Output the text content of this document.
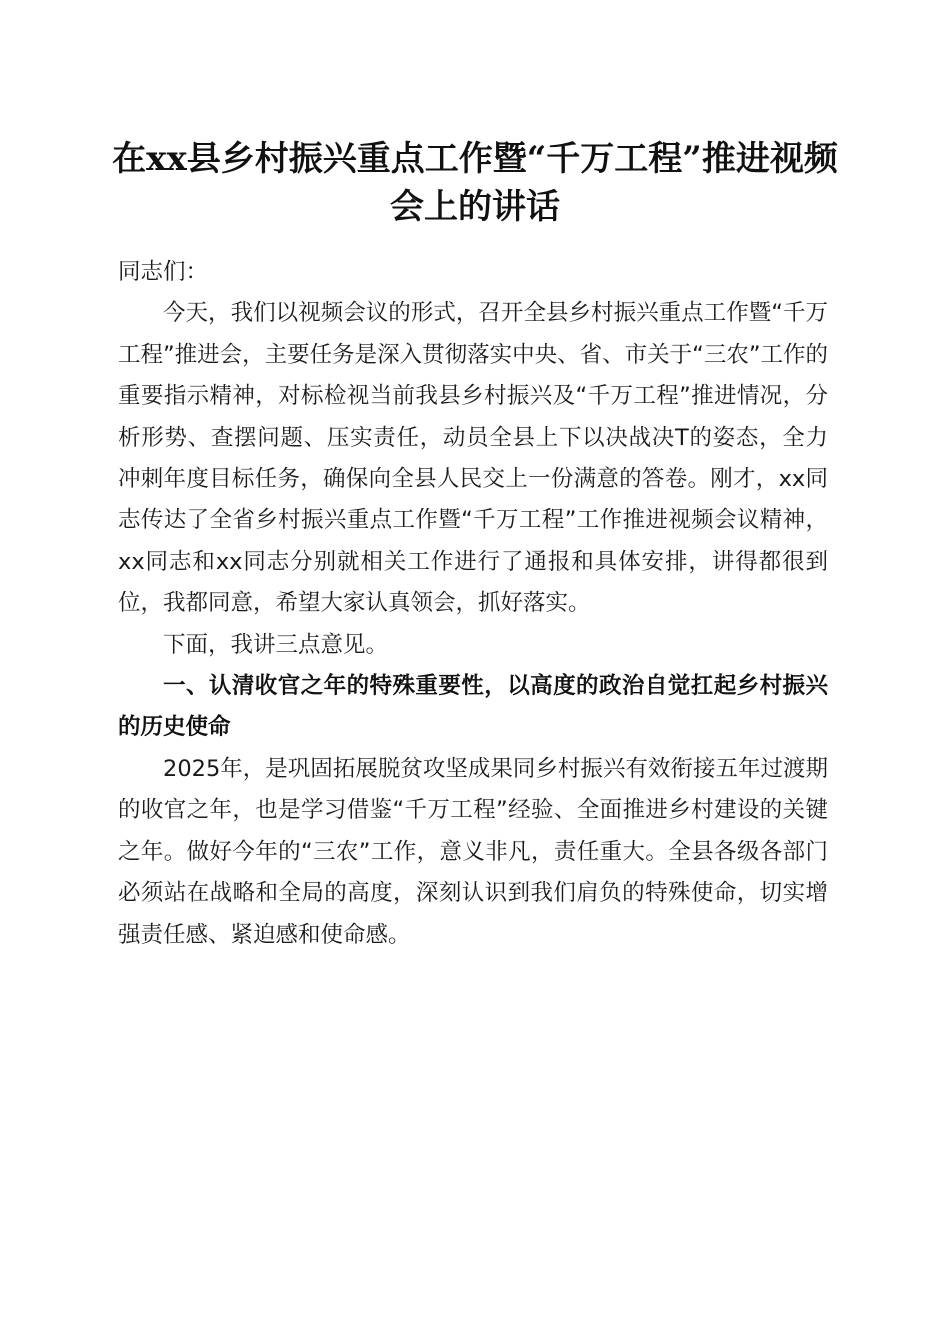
在xx县乡村振兴重点工作暨“千万工程”推进视频会上的讲话

同志们：

今天，我们以视频会议的形式，召开全县乡村振兴重点工作暨“千万工程”推进会，主要任务是深入贯彻落实中央、省、市关于“三农”工作的重要指示精神，对标检视当前我县乡村振兴及“千万工程”推进情况，分析形势、查摆问题、压实责任，动员全县上下以决战决T的姿态，全力冲刺年度目标任务，确保向全县人民交上一份满意的答卷。刚才，xx同志传达了全省乡村振兴重点工作暨“千万工程”工作推进视频会议精神，xx同志和xx同志分别就相关工作进行了通报和具体安排，讲得都很到位，我都同意，希望大家认真领会，抓好落实。

下面，我讲三点意见。

一、认清收官之年的特殊重要性，以高度的政治自觉扛起乡村振兴的历史使命

2025年，是巩固拓展脱贫攻坚成果同乡村振兴有效衔接五年过渡期的收官之年，也是学习借鉴“千万工程”经验、全面推进乡村建设的关键之年。做好今年的“三农”工作，意义非凡，责任重大。全县各级各部门必须站在战略和全局的高度，深刻认识到我们肩负的特殊使命，切实增强责任感、紧迫感和使命感。
